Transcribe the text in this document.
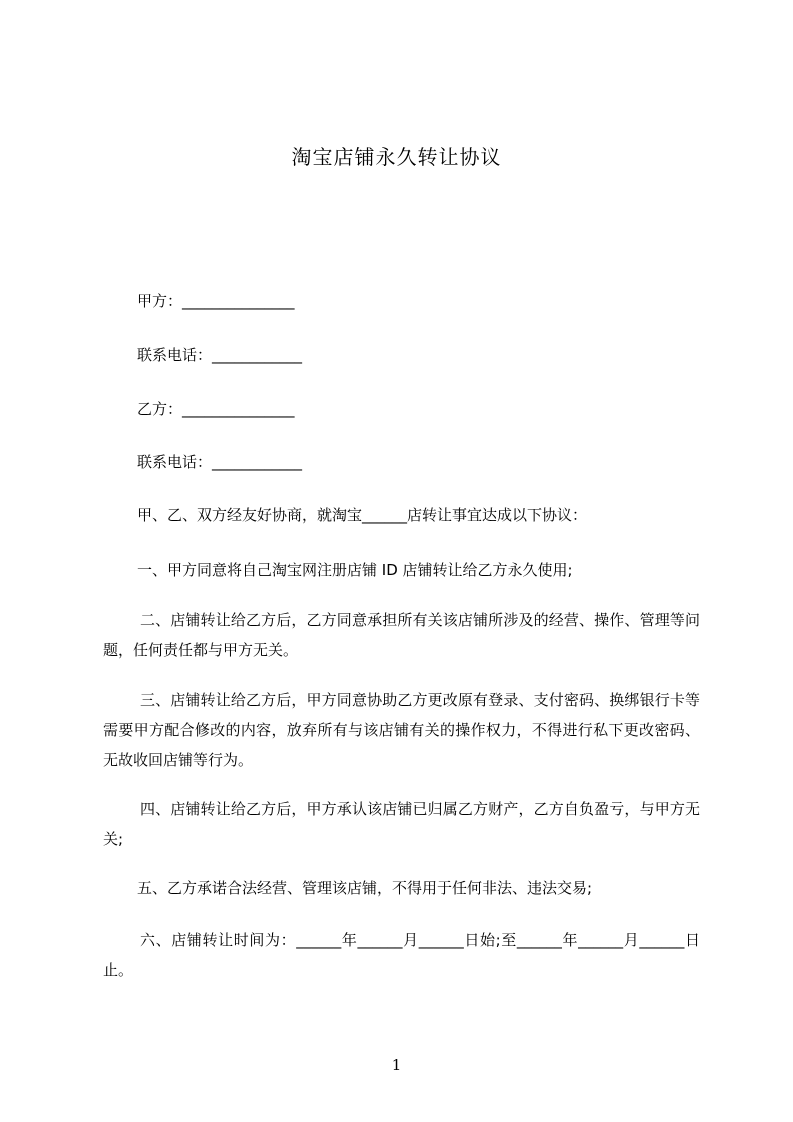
淘宝店铺永久转让协议

甲方：_______________

联系电话：____________

乙方：_______________

联系电话：____________

甲、乙、双方经友好协商，就淘宝______店转让事宜达成以下协议：

一、甲方同意将自己淘宝网注册店铺 ID 店铺转让给乙方永久使用;

二、店铺转让给乙方后，乙方同意承担所有关该店铺所涉及的经营、操作、管理等问题，任何责任都与甲方无关。

三、店铺转让给乙方后，甲方同意协助乙方更改原有登录、支付密码、换绑银行卡等需要甲方配合修改的内容，放弃所有与该店铺有关的操作权力，不得进行私下更改密码、无故收回店铺等行为。

四、店铺转让给乙方后，甲方承认该店铺已归属乙方财产，乙方自负盈亏，与甲方无关;

五、乙方承诺合法经营、管理该店铺，不得用于任何非法、违法交易;

六、店铺转让时间为：______年______月______日始;至______年______月______日止。

1
